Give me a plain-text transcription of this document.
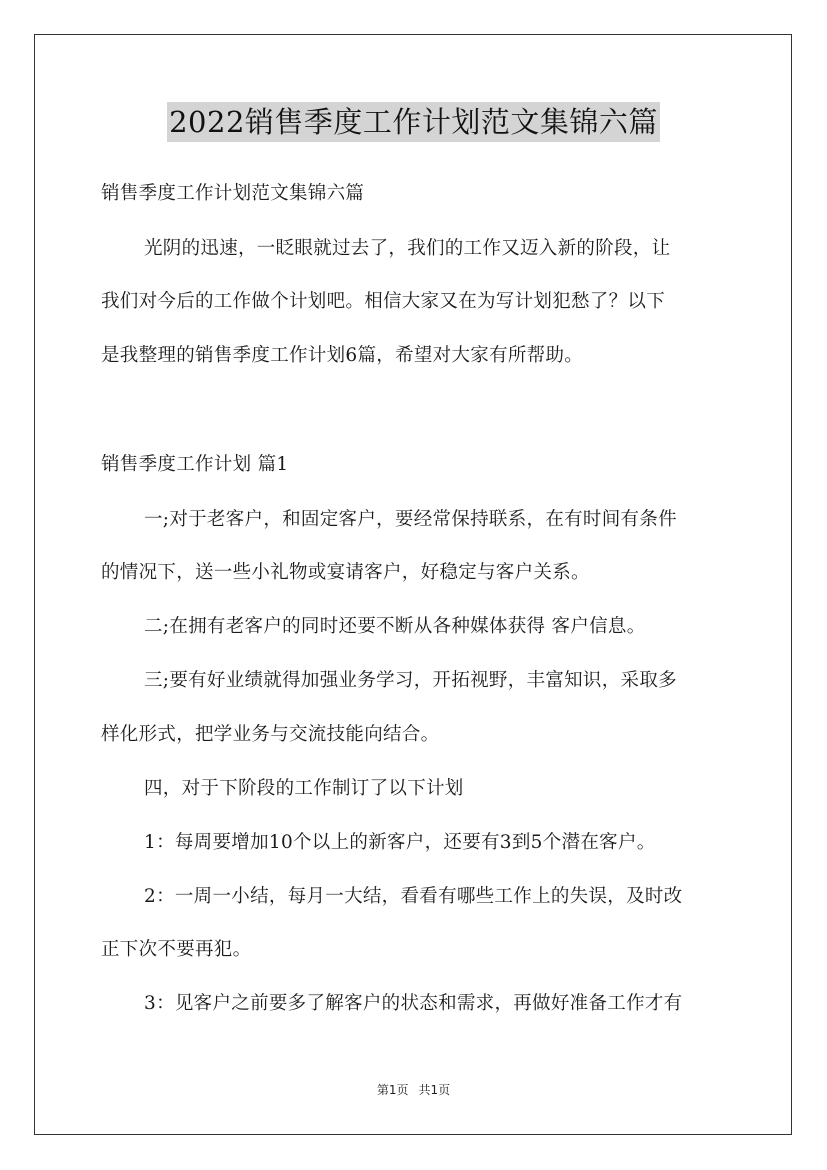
2022销售季度工作计划范文集锦六篇
销售季度工作计划范文集锦六篇
光阴的迅速，一眨眼就过去了，我们的工作又迈入新的阶段，让
我们对今后的工作做个计划吧。相信大家又在为写计划犯愁了？以下
是我整理的销售季度工作计划6篇，希望对大家有所帮助。
销售季度工作计划 篇1
一;对于老客户，和固定客户，要经常保持联系，在有时间有条件
的情况下，送一些小礼物或宴请客户，好稳定与客户关系。
二;在拥有老客户的同时还要不断从各种媒体获得 客户信息。
三;要有好业绩就得加强业务学习，开拓视野，丰富知识，采取多
样化形式，把学业务与交流技能向结合。
四，对于下阶段的工作制订了以下计划
1：每周要增加10个以上的新客户，还要有3到5个潜在客户。
2：一周一小结，每月一大结，看看有哪些工作上的失误，及时改
正下次不要再犯。
3：见客户之前要多了解客户的状态和需求，再做好准备工作才有
第1页 共1页
